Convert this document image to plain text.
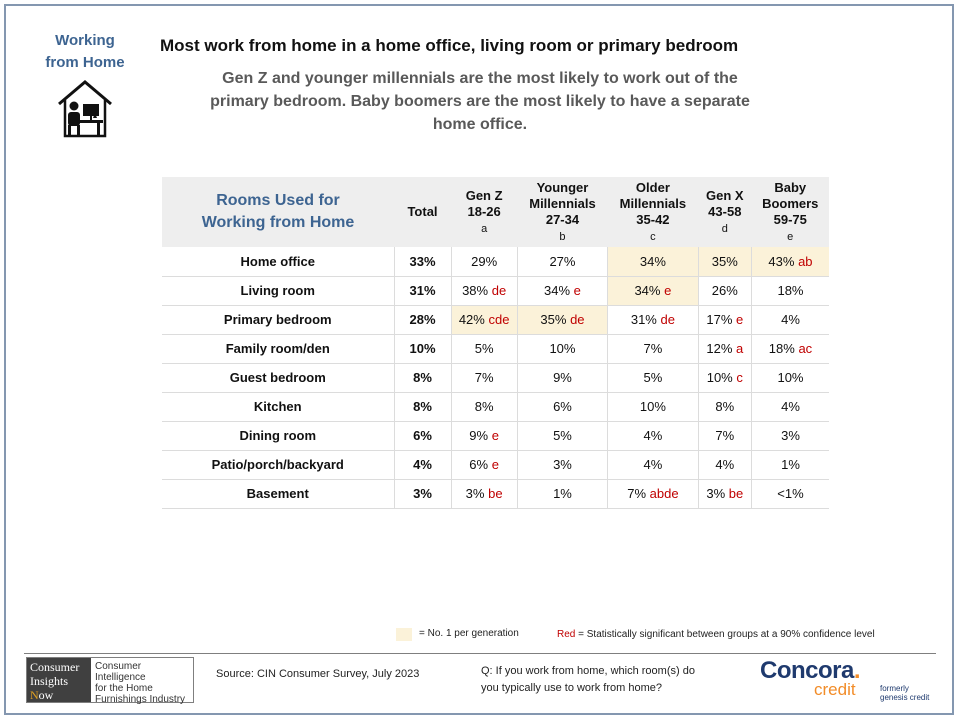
Working
from Home
Most work from home in a home office, living room or primary bedroom
Gen Z and younger millennials are the most likely to work out of the primary bedroom. Baby boomers are the most likely to have a separate home office.
Rooms Used for
Working from Home	Total	Gen Z
18-26
a	Younger
Millennials
27-34
b	Older
Millennials
35-42
c	Gen X
43-58
d	Baby
Boomers
59-75
e
Home office	33%	29%	27%	34%	35%	43% ab
Living room	31%	38% de	34% e	34% e	26%	18%
Primary bedroom	28%	42% cde	35% de	31% de	17% e	4%
Family room/den	10%	5%	10%	7%	12% a	18% ac
Guest bedroom	8%	7%	9%	5%	10% c	10%
Kitchen	8%	8%	6%	10%	8%	4%
Dining room	6%	9% e	5%	4%	7%	3%
Patio/porch/backyard	4%	6% e	3%	4%	4%	1%
Basement	3%	3% be	1%	7% abde	3% be	<1%
= No. 1 per generation	Red = Statistically significant between groups at a 90% confidence level
Consumer
Insights
Now
Consumer Intelligence
for the Home
Furnishings Industry
Source: CIN Consumer Survey, July 2023	Q: If you work from home, which room(s) do
you typically use to work from home?
Concora.
credit	formerly
genesis credit
